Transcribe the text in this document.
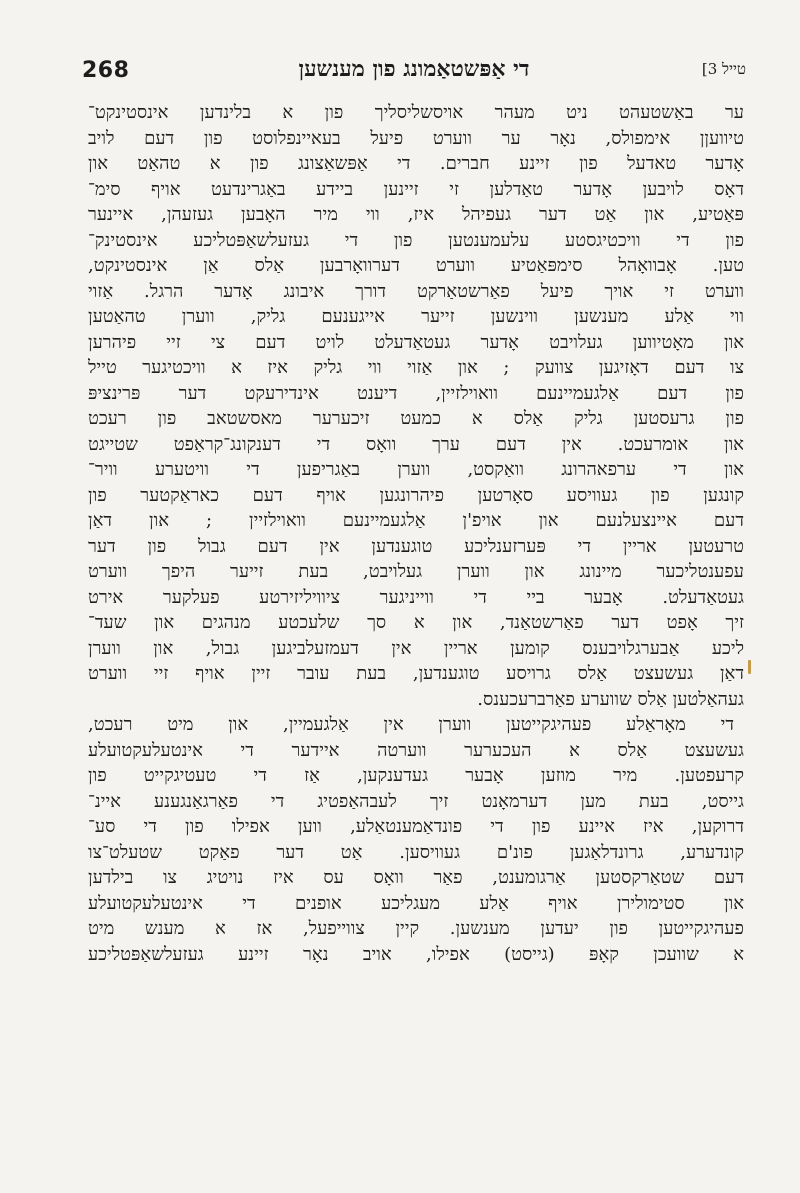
268	די אַפּשטאַמונג פון מענשען	[טייל 3
ער באַשטעהט ניט מעהר אויסשליסליך פון א בלינדען אינסטינקט־
טיוועןן אימפולס, נאָר ער ווערט פיעל בעאיינפלוסט פון דעם לויב
אָדער טאדעל פון זיינע חברים. די אַפּשאַצונג פון א טהאַט און
דאָס לויבען אָדער טאַדלען זי זיינען ביידע באַגרינדעט אויף סימ־
פּאַטיע, און אַט דער געפיהל איז, ווי מיר האָבען געזעהן, איינער
פון די וויכטיגסטע עלעמענטען פון די געזעלשאַפּטליכע אינסטינק־
טען. אָבוואָהל סימפּאַטיע ווערט דערוואָרבען אַלס אַן אינסטינקט,
ווערט זי אויך פיעל פאַרשטאַרקט דורך איבונג אָדער הרגל. אַזוי
ווי אַלע מענשען ווינשען זייער אייגענעם גליק, ווערן טהאַטען
און מאָטיווען געלויבט אָדער געטאַדעלט לויט דעם צי זיי פיהרען
צו דעם דאָזיגען צוועק ; און אַזוי ווי גליק איז א וויכטיגער טייל
פון דעם אַלגעמיינעם וואוילזיין, דיענט אינדירעקט דער פּרינציפּ
פון גרעסטען גליק אַלס א כמעט זיכערער מאסשטאב פון רעכט
און אומרעכט. אין דעם ערך וואָס די דענקונג־קראַפט שטייגט
און די ערפאהרונג וואַקסט, ווערן באַגריפען די וויטערע וויר־
קונגען פון געוויסע סאָרטען פיהרונגען אויף דעם כאראַקטער פון
דעם איינצעלנעם און אויפ'ן אַלגעמיינעם וואוילזיין ; און דאַן
טרעטען אריין די פּערזענליכע טוגענדען אין דעם גבול פון דער
עפענטליכער מיינונג און ווערן געלויבט, בעת זייער היפך ווערט
געטאַדעלט. אָבער ביי די ווייניגער ציוויליזירטע פעלקער אירט
זיך אָפט דער פאַרשטאַנד, און א סך שלעכטע מנהגים און שעד־
ליכע אַבערגלויבענס קומען אריין אין דעמזעלביגען גבול, און ווערן
דאַן געשעצט אַלס גרויסע טוגענדען, בעת עובר זיין אויף זיי ווערט
געהאַלטען אַלס שווערע פאַרברעכענס.
די מאָראַלע פעהיגקייטען ווערן אין אַלגעמיין, און מיט רעכט,
געשעצט אַלס א העכערער ווערטה איידער די אינטעלעקטועלע
קרעפטען. מיר מוזען אָבער געדענקען, אַז די טעטיגקייט פון
גייסט, בעת מען דערמאָנט זיך לעבהאַפטיג די פאַרגאַנגענע איינ־
דרוקען, איז איינע פון די פונדאַמענטאַלע, ווען אפילו פון די סע־
קונדערע, גרונדלאַגען פונ'ם געוויסען. אַט דער פאַקט שטעלט־צו
דעם שטאַרקסטען אַרגומענט, פאַר וואָס עס איז נויטיג צו בילדען
און סטימולירן אויף אַלע מעגליכע אופנים די אינטעלעקטועלע
פעהיגקייטען פון יעדען מענשען. קיין צווייפעל, אז א מענש מיט
א שוועכן קאָפּ (גייסט) אפילו, אויב נאָר זיינע געזעלשאַפּטליכע
